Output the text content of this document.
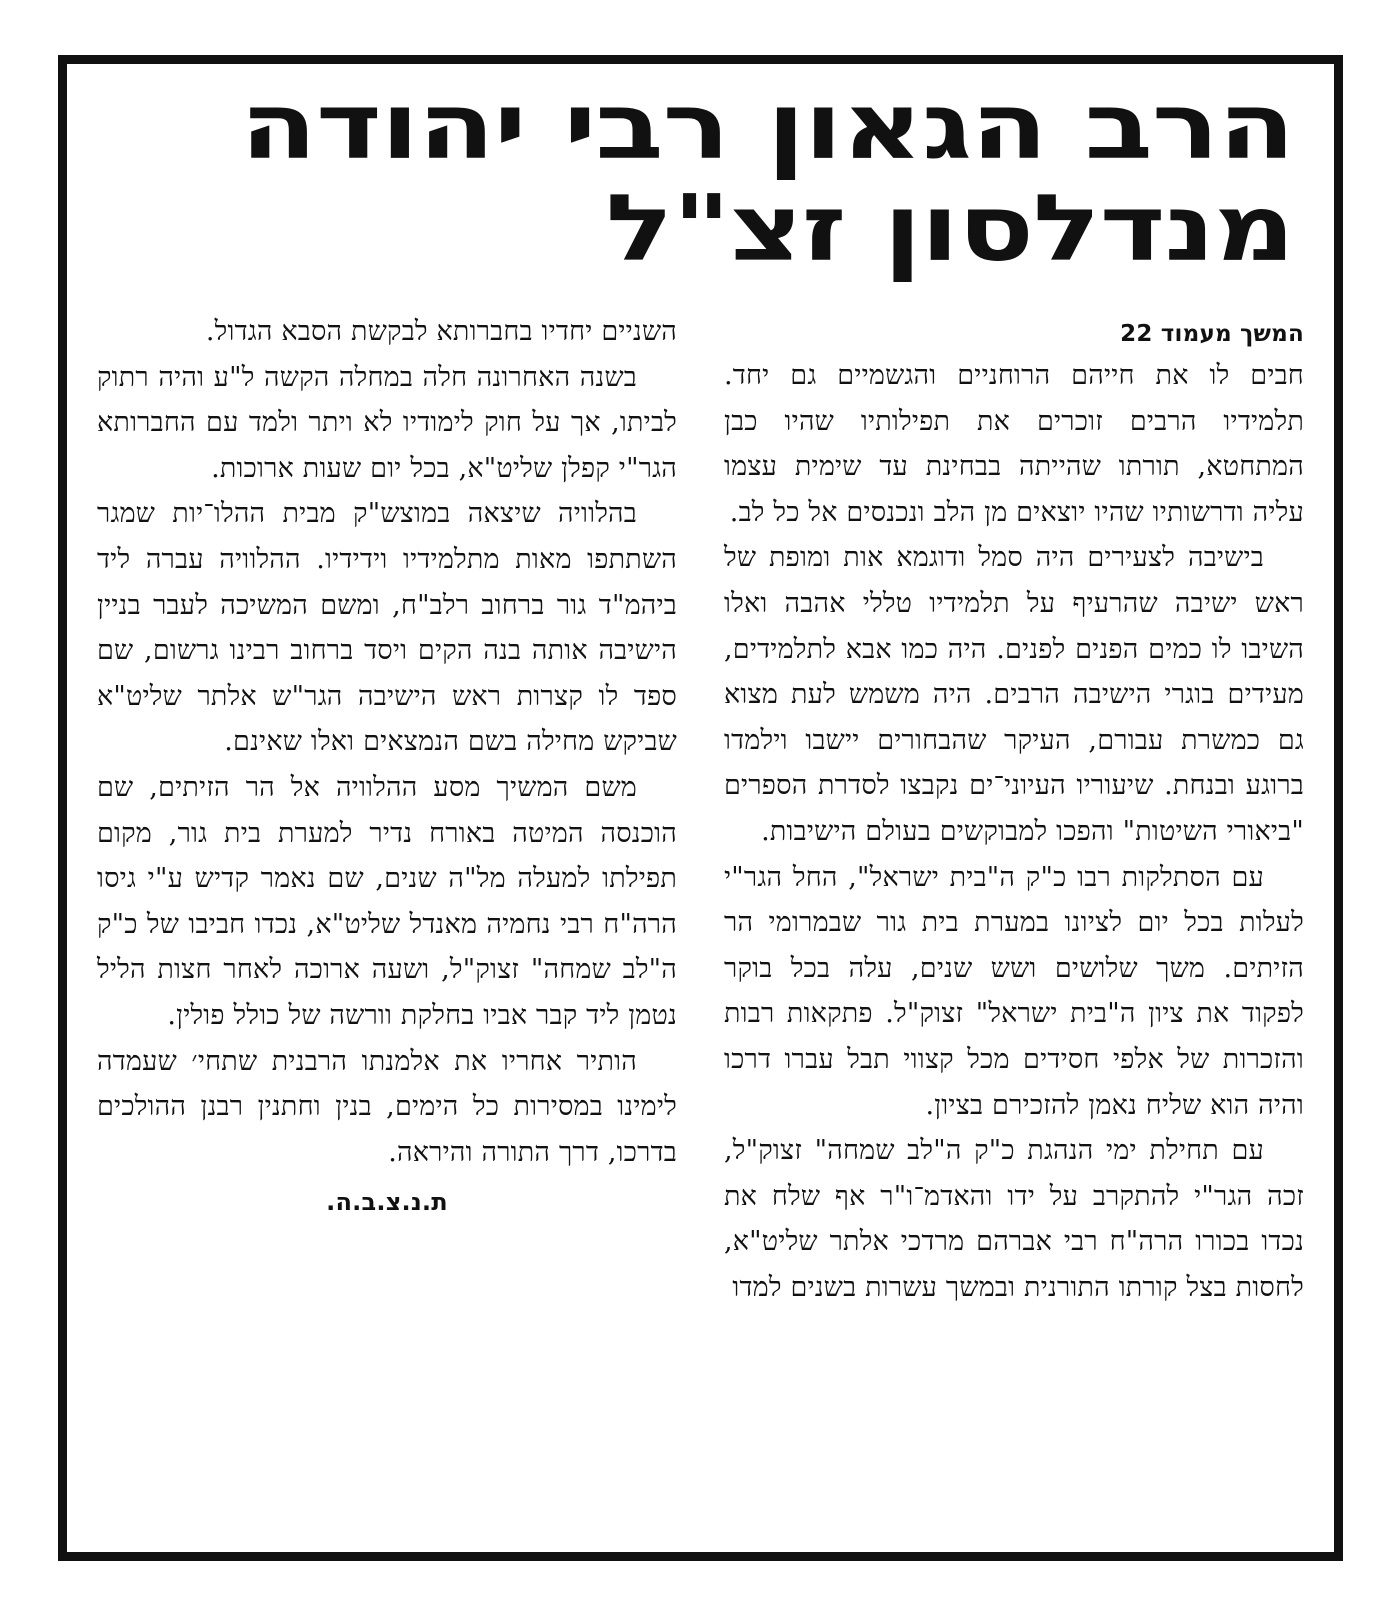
הרב הגאון רבי יהודה
מנדלסון זצ"ל
המשך מעמוד 22

חבים לו את חייהם הרוחניים והגשמיים גם יחד. תלמידיו הרבים זוכרים את תפילותיו שהיו כבן המתחטא, תורתו שהייתה בבחינת עד שימית עצמו עליה ודרשותיו שהיו יוצאים מן הלב ונכנסים אל כל לב.

בישיבה לצעירים היה סמל ודוגמא אות ומופת של ראש ישיבה שהרעיף על תלמידיו טללי אהבה ואלו השיבו לו כמים הפנים לפנים. היה כמו אבא לתלמידים, מעידים בוגרי הישיבה הרבים. היה משמש לעת מצוא גם כמשרת עבורם, העיקר שהבחורים יישבו וילמדו ברוגע ובנחת. שיעוריו העיוני־ים נקבצו לסדרת הספרים "ביאורי השיטות" והפכו למבוקשים בעולם הישיבות.

עם הסתלקות רבו כ"ק ה"בית ישראל", החל הגר"י לעלות בכל יום לציונו במערת בית גור שבמרומי הר הזיתים. משך שלושים ושש שנים, עלה בכל בוקר לפקוד את ציון ה"בית ישראל" זצוק"ל. פתקאות רבות והזכרות של אלפי חסידים מכל קצווי תבל עברו דרכו והיה הוא שליח נאמן להזכירם בציון.

עם תחילת ימי הנהגת כ"ק ה"לב שמחה" זצוק"ל, זכה הגר"י להתקרב על ידו והאדמ־ו"ר אף שלח את נכדו בכורו הרה"ח רבי אברהם מרדכי אלתר שליט"א, לחסות בצל קורתו התורנית ובמשך עשרות בשנים למדו

השניים יחדיו בחברותא לבקשת הסבא הגדול.

בשנה האחרונה חלה במחלה הקשה ל"ע והיה רתוק לביתו, אך על חוק לימודיו לא ויתר ולמד עם החברותא הגר"י קפלן שליט"א, בכל יום שעות ארוכות.

בהלוויה שיצאה במוצש"ק מבית ההלו־יות שמגר השתתפו מאות מתלמידיו וידידיו. ההלוויה עברה ליד ביהמ"ד גור ברחוב רלב"ח, ומשם המשיכה לעבר בניין הישיבה אותה בנה הקים ויסד ברחוב רבינו גרשום, שם ספד לו קצרות ראש הישיבה הגר"ש אלתר שליט"א שביקש מחילה בשם הנמצאים ואלו שאינם.

משם המשיך מסע ההלוויה אל הר הזיתים, שם הוכנסה המיטה באורח נדיר למערת בית גור, מקום תפילתו למעלה מל"ה שנים, שם נאמר קדיש ע"י גיסו הרה"ח רבי נחמיה מאנדל שליט"א, נכדו חביבו של כ"ק ה"לב שמחה" זצוק"ל, ושעה ארוכה לאחר חצות הליל נטמן ליד קבר אביו בחלקת וורשה של כולל פולין.

הותיר אחריו את אלמנתו הרבנית שתחי׳ שעמדה לימינו במסירות כל הימים, בנין וחתנין רבנן ההולכים בדרכו, דרך התורה והיראה.

ת.נ.צ.ב.ה.
